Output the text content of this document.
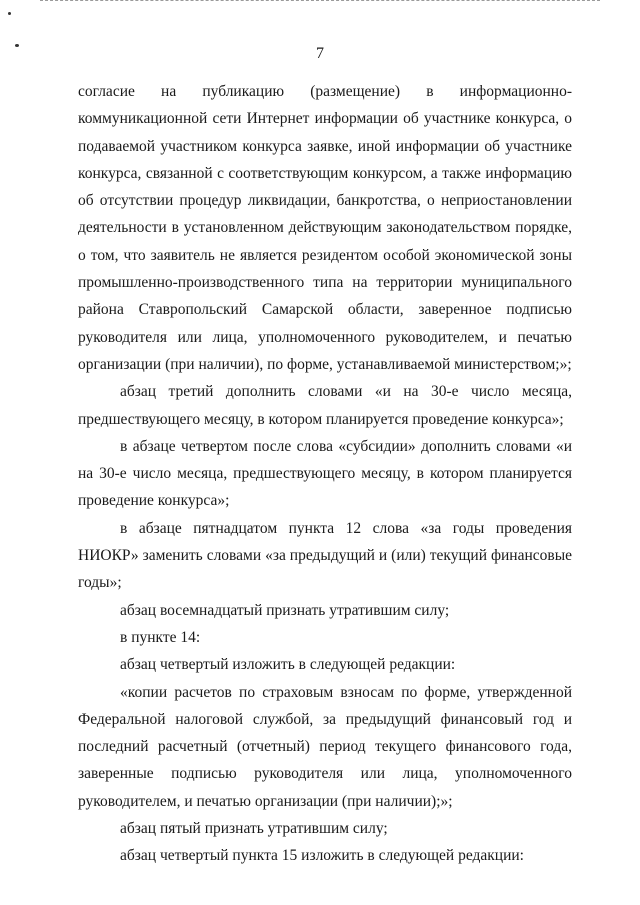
7

согласие на публикацию (размещение) в информационно-коммуникационной сети Интернет информации об участнике конкурса, о подаваемой участником конкурса заявке, иной информации об участнике конкурса, связанной с соответствующим конкурсом, а также информацию об отсутствии процедур ликвидации, банкротства, о неприостановлении деятельности в установленном действующим законодательством порядке, о том, что заявитель не является резидентом особой экономической зоны промышленно-производственного типа на территории муниципального района Ставропольский Самарской области, заверенное подписью руководителя или лица, уполномоченного руководителем, и печатью организации (при наличии), по форме, устанавливаемой министерством;»;

абзац третий дополнить словами «и на 30-е число месяца, предшествующего месяцу, в котором планируется проведение конкурса»;

в абзаце четвертом после слова «субсидии» дополнить словами «и на 30-е число месяца, предшествующего месяцу, в котором планируется проведение конкурса»;

в абзаце пятнадцатом пункта 12 слова «за годы проведения НИОКР» заменить словами «за предыдущий и (или) текущий финансовые годы»;

абзац восемнадцатый признать утратившим силу;

в пункте 14:

абзац четвертый изложить в следующей редакции:

«копии расчетов по страховым взносам по форме, утвержденной Федеральной налоговой службой, за предыдущий финансовый год и последний расчетный (отчетный) период текущего финансового года, заверенные подписью руководителя или лица, уполномоченного руководителем, и печатью организации (при наличии);»;

абзац пятый признать утратившим силу;

абзац четвертый пункта 15 изложить в следующей редакции:
